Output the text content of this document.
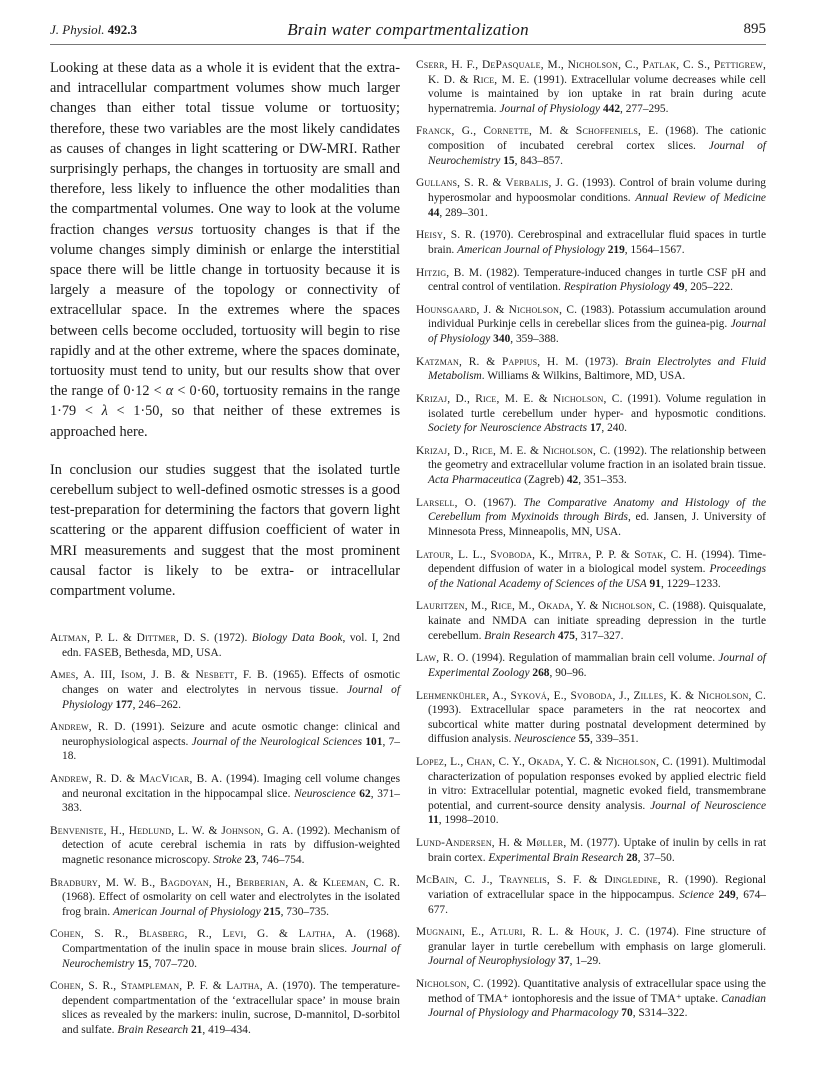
J. Physiol. 492.3	Brain water compartmentalization	895

Looking at these data as a whole it is evident that the extra- and intracellular compartment volumes show much larger changes than either total tissue volume or tortuosity; therefore, these two variables are the most likely candidates as causes of changes in light scattering or DW-MRI. Rather surprisingly perhaps, the changes in tortuosity are small and therefore, less likely to influence the other modalities than the compartmental volumes. One way to look at the volume fraction changes versus tortuosity changes is that if the volume changes simply diminish or enlarge the interstitial space there will be little change in tortuosity because it is largely a measure of the topology or connectivity of extracellular space. In the extremes where the spaces between cells become occluded, tortuosity will begin to rise rapidly and at the other extreme, where the spaces dominate, tortuosity must tend to unity, but our results show that over the range of 0·12 < α < 0·60, tortuosity remains in the range 1·79 < λ < 1·50, so that neither of these extremes is approached here.

In conclusion our studies suggest that the isolated turtle cerebellum subject to well-defined osmotic stresses is a good test-preparation for determining the factors that govern light scattering or the apparent diffusion coefficient of water in MRI measurements and suggest that the most prominent causal factor is likely to be extra- or intracellular compartment volume.

Altman, P. L. & Dittmer, D. S. (1972). Biology Data Book, vol. I, 2nd edn. FASEB, Bethesda, MD, USA.

Ames, A. III, Isom, J. B. & Nesbett, F. B. (1965). Effects of osmotic changes on water and electrolytes in nervous tissue. Journal of Physiology 177, 246–262.

Andrew, R. D. (1991). Seizure and acute osmotic change: clinical and neurophysiological aspects. Journal of the Neurological Sciences 101, 7–18.

Andrew, R. D. & MacVicar, B. A. (1994). Imaging cell volume changes and neuronal excitation in the hippocampal slice. Neuroscience 62, 371–383.

Benveniste, H., Hedlund, L. W. & Johnson, G. A. (1992). Mechanism of detection of acute cerebral ischemia in rats by diffusion-weighted magnetic resonance microscopy. Stroke 23, 746–754.

Bradbury, M. W. B., Bagdoyan, H., Berberian, A. & Kleeman, C. R. (1968). Effect of osmolarity on cell water and electrolytes in the isolated frog brain. American Journal of Physiology 215, 730–735.

Cohen, S. R., Blasberg, R., Levi, G. & Lajtha, A. (1968). Compartmentation of the inulin space in mouse brain slices. Journal of Neurochemistry 15, 707–720.

Cohen, S. R., Stampleman, P. F. & Lajtha, A. (1970). The temperature-dependent compartmentation of the ‘extracellular space’ in mouse brain slices as revealed by the markers: inulin, sucrose, D-mannitol, D-sorbitol and sulfate. Brain Research 21, 419–434.

Cserr, H. F., DePasquale, M., Nicholson, C., Patlak, C. S., Pettigrew, K. D. & Rice, M. E. (1991). Extracellular volume decreases while cell volume is maintained by ion uptake in rat brain during acute hypernatremia. Journal of Physiology 442, 277–295.

Franck, G., Cornette, M. & Schoffeniels, E. (1968). The cationic composition of incubated cerebral cortex slices. Journal of Neurochemistry 15, 843–857.

Gullans, S. R. & Verbalis, J. G. (1993). Control of brain volume during hyperosmolar and hypoosmolar conditions. Annual Review of Medicine 44, 289–301.

Heisy, S. R. (1970). Cerebrospinal and extracellular fluid spaces in turtle brain. American Journal of Physiology 219, 1564–1567.

Hitzig, B. M. (1982). Temperature-induced changes in turtle CSF pH and central control of ventilation. Respiration Physiology 49, 205–222.

Hounsgaard, J. & Nicholson, C. (1983). Potassium accumulation around individual Purkinje cells in cerebellar slices from the guinea-pig. Journal of Physiology 340, 359–388.

Katzman, R. & Pappius, H. M. (1973). Brain Electrolytes and Fluid Metabolism. Williams & Wilkins, Baltimore, MD, USA.

Krizaj, D., Rice, M. E. & Nicholson, C. (1991). Volume regulation in isolated turtle cerebellum under hyper- and hyposmotic conditions. Society for Neuroscience Abstracts 17, 240.

Krizaj, D., Rice, M. E. & Nicholson, C. (1992). The relationship between the geometry and extracellular volume fraction in an isolated brain tissue. Acta Pharmaceutica (Zagreb) 42, 351–353.

Larsell, O. (1967). The Comparative Anatomy and Histology of the Cerebellum from Myxinoids through Birds, ed. Jansen, J. University of Minnesota Press, Minneapolis, MN, USA.

Latour, L. L., Svoboda, K., Mitra, P. P. & Sotak, C. H. (1994). Time-dependent diffusion of water in a biological model system. Proceedings of the National Academy of Sciences of the USA 91, 1229–1233.

Lauritzen, M., Rice, M., Okada, Y. & Nicholson, C. (1988). Quisqualate, kainate and NMDA can initiate spreading depression in the turtle cerebellum. Brain Research 475, 317–327.

Law, R. O. (1994). Regulation of mammalian brain cell volume. Journal of Experimental Zoology 268, 90–96.

Lehmenkühler, A., Syková, E., Svoboda, J., Zilles, K. & Nicholson, C. (1993). Extracellular space parameters in the rat neocortex and subcortical white matter during postnatal development determined by diffusion analysis. Neuroscience 55, 339–351.

Lopez, L., Chan, C. Y., Okada, Y. C. & Nicholson, C. (1991). Multimodal characterization of population responses evoked by applied electric field in vitro: Extracellular potential, magnetic evoked field, transmembrane potential, and current-source density analysis. Journal of Neuroscience 11, 1998–2010.

Lund-Andersen, H. & Møller, M. (1977). Uptake of inulin by cells in rat brain cortex. Experimental Brain Research 28, 37–50.

McBain, C. J., Traynelis, S. F. & Dingledine, R. (1990). Regional variation of extracellular space in the hippocampus. Science 249, 674–677.

Mugnaini, E., Atluri, R. L. & Houk, J. C. (1974). Fine structure of granular layer in turtle cerebellum with emphasis on large glomeruli. Journal of Neurophysiology 37, 1–29.

Nicholson, C. (1992). Quantitative analysis of extracellular space using the method of TMA⁺ iontophoresis and the issue of TMA⁺ uptake. Canadian Journal of Physiology and Pharmacology 70, S314–322.
